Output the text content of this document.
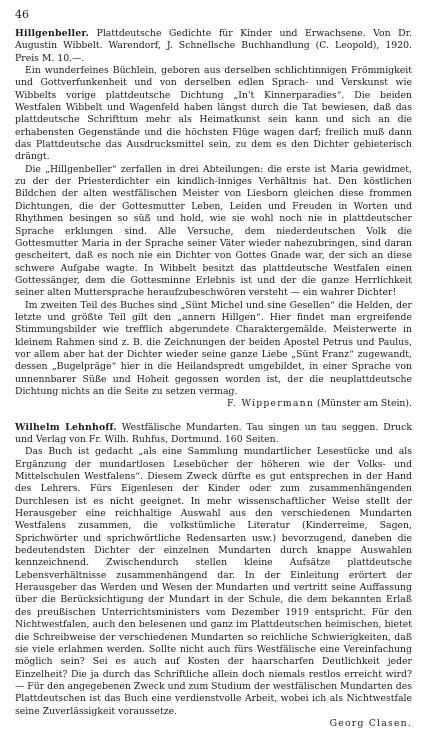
46

Hillgenbeller. Plattdeutsche Gedichte für Kinder und Erwachsene. Von Dr. Augustin Wibbelt. Warendorf, J. Schnellsche Buchhandlung (C. Leopold), 1920. Preis M. 10.—.

Ein wunderfeines Büchlein, geboren aus derselben schlichtinnigen Frömmigkeit und Gottverfunkenheit und von derselben edlen Sprach- und Verskunst wie Wibbelts vorige plattdeutsche Dichtung „In't Kinnerparadies“. Die beiden Westfalen Wibbelt und Wagenfeld haben längst durch die Tat bewiesen, daß das plattdeutsche Schrifttum mehr als Heimatkunst sein kann und sich an die erhabensten Gegenstände und die höchsten Flüge wagen darf; freilich muß dann das Plattdeutsche das Ausdrucksmittel sein, zu dem es den Dichter gebieterisch drängt.

Die „Hillgenbeller“ zerfallen in drei Abteilungen: die erste ist Maria gewidmet, zu der der Priesterdichter ein kindlich-inniges Verhältnis hat. Den köstlichen Bildchen der alten westfälischen Meister von Liesborn gleichen diese frommen Dichtungen, die der Gottesmutter Leben, Leiden und Freuden in Worten und Rhythmen besingen so süß und hold, wie sie wohl noch nie in plattdeutscher Sprache erklungen sind. Alle Versuche, dem niederdeutschen Volk die Gottesmutter Maria in der Sprache seiner Väter wieder nahezubringen, sind daran gescheitert, daß es noch nie ein Dichter von Gottes Gnade war, der sich an diese schwere Aufgabe wagte. In Wibbelt besitzt das plattdeutsche Westfalen einen Gottessänger, dem die Gottesminne Erlebnis ist und der die ganze Herrlichkeit seiner alten Muttersprache heraufzubeschwören versteht — ein wahrer Dichter!

Im zweiten Teil des Buches sind „Sünt Michel und sine Gesellen“ die Helden, der letzte und größte Teil gilt den „annern Hillgen“. Hier findet man ergreifende Stimmungsbilder wie trefflich abgerundete Charaktergemälde. Meisterwerte in kleinem Rahmen sind z. B. die Zeichnungen der beiden Apostel Petrus und Paulus, vor allem aber hat der Dichter wieder seine ganze Liebe „Sünt Franz“ zugewandt, dessen „Bugelpräge“ hier in die Heilandspredt umgebildet, in einer Sprache von unnennbarer Süße und Hoheit gegossen worden ist, der die neuplattdeutsche Dichtung nichts an die Seite zu setzen vermag.

F. Wippermann (Münster am Stein).

Wilhelm Lehnhoff. Westfälische Mundarten. Tau singen un tau seggen. Druck und Verlag von Fr. Wilh. Ruhfus, Dortmund. 160 Seiten.

Das Buch ist gedacht „als eine Sammlung mundartlicher Lesestücke und als Ergänzung der mundartlosen Lesebücher der höheren wie der Volks- und Mittelschulen Westfalens“. Diesem Zweck dürfte es gut entsprechen in der Hand des Lehrers. Fürs Eigenlesen der Kinder oder zum zusammenhängenden Durchlesen ist es nicht geeignet. In mehr wissenschaftlicher Weise stellt der Herausgeber eine reichhaltige Auswahl aus den verschiedenen Mundarten Westfalens zusammen, die volkstümliche Literatur (Kinderreime, Sagen, Sprichwörter und sprichwörtliche Redensarten usw.) bevorzugend, daneben die bedeutendsten Dichter der einzelnen Mundarten durch knappe Auswahlen kennzeichnend. Zwischendurch stellen kleine Aufsätze plattdeutsche Lebensverhältnisse zusammenhängend dar. In der Einleitung erörtert der Herausgeber das Werden und Wesen der Mundarten und vertritt seine Auffassung über die Berücksichtigung der Mundart in der Schule, die dem bekannten Erlaß des preußischen Unterrichtsministers vom Dezember 1919 entspricht. Für den Nichtwestfalen, auch den belesenen und ganz im Plattdeutschen heimischen, bietet die Schreibweise der verschiedenen Mundarten so reichliche Schwierigkeiten, daß sie viele erlahmen werden. Sollte nicht auch fürs Westfälische eine Vereinfachung möglich sein? Sei es auch auf Kosten der haarscharfen Deutlichkeit jeder Einzelheit? Die ja durch das Schriftliche allein doch niemals restlos erreicht wird? — Für den angegebenen Zweck und zum Studium der westfälischen Mundarten des Plattdeutschen ist das Buch eine verdienstvolle Arbeit, wobei ich als Nichtwestfale seine Zuverlässigkeit voraussetze.

Georg Clasen.
